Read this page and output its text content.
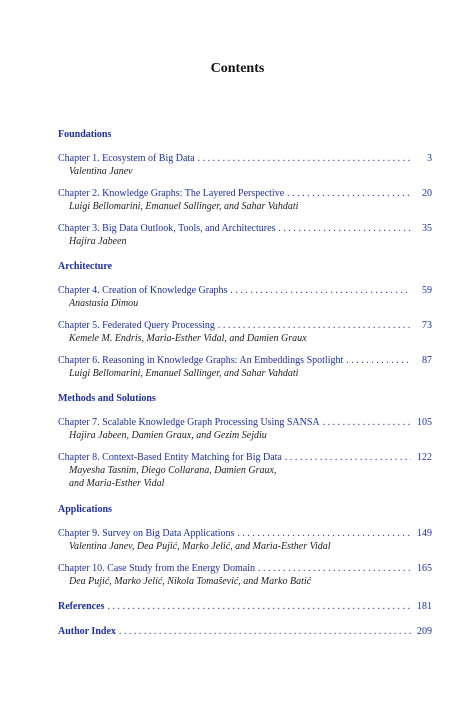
Contents
Foundations
Chapter 1. Ecosystem of Big Data . . .	3
Valentina Janev
Chapter 2. Knowledge Graphs: The Layered Perspective . . .	20
Luigi Bellomarini, Emanuel Sallinger, and Sahar Vahdati
Chapter 3. Big Data Outlook, Tools, and Architectures . . .	35
Hajira Jabeen
Architecture
Chapter 4. Creation of Knowledge Graphs . . .	59
Anastasia Dimou
Chapter 5. Federated Query Processing . . .	73
Kemele M. Endris, Maria-Esther Vidal, and Damien Graux
Chapter 6. Reasoning in Knowledge Graphs: An Embeddings Spotlight . . .	87
Luigi Bellomarini, Emanuel Sallinger, and Sahar Vahdati
Methods and Solutions
Chapter 7. Scalable Knowledge Graph Processing Using SANSA . . .	105
Hajira Jabeen, Damien Graux, and Gezim Sejdiu
Chapter 8. Context-Based Entity Matching for Big Data . . .	122
Mayesha Tasnim, Diego Collarana, Damien Graux,
and Maria-Esther Vidal
Applications
Chapter 9. Survey on Big Data Applications . . .	149
Valentina Janev, Dea Pujić, Marko Jelić, and Maria-Esther Vidal
Chapter 10. Case Study from the Energy Domain . . .	165
Dea Pujić, Marko Jelić, Nikola Tomašević, and Marko Batić
References . . .	181
Author Index . . .	209
